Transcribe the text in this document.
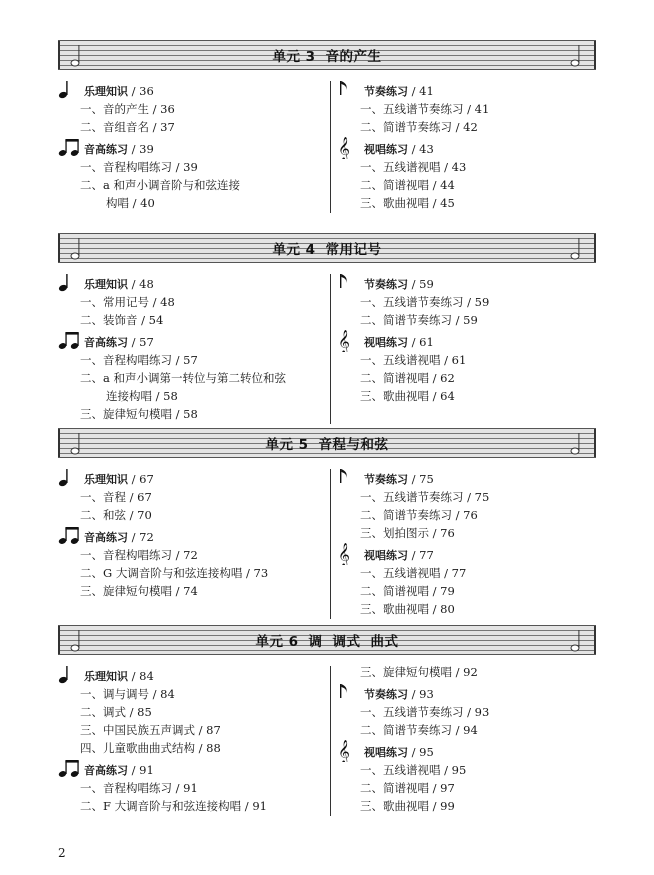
单元 3 音的产生
乐理知识 / 36
一、音的产生 / 36
二、音组音名 / 37
音高练习 / 39
一、音程构唱练习 / 39
二、a 和声小调音阶与和弦连接
构唱 / 40
节奏练习 / 41
一、五线谱节奏练习 / 41
二、简谱节奏练习 / 42
𝄞 视唱练习 / 43
一、五线谱视唱 / 43
二、简谱视唱 / 44
三、歌曲视唱 / 45
单元 4 常用记号
乐理知识 / 48
一、常用记号 / 48
二、装饰音 / 54
音高练习 / 57
一、音程构唱练习 / 57
二、a 和声小调第一转位与第二转位和弦
连接构唱 / 58
三、旋律短句模唱 / 58
节奏练习 / 59
一、五线谱节奏练习 / 59
二、简谱节奏练习 / 59
𝄞 视唱练习 / 61
一、五线谱视唱 / 61
二、简谱视唱 / 62
三、歌曲视唱 / 64
单元 5 音程与和弦
乐理知识 / 67
一、音程 / 67
二、和弦 / 70
音高练习 / 72
一、音程构唱练习 / 72
二、G 大调音阶与和弦连接构唱 / 73
三、旋律短句模唱 / 74
节奏练习 / 75
一、五线谱节奏练习 / 75
二、简谱节奏练习 / 76
三、划拍图示 / 76
𝄞 视唱练习 / 77
一、五线谱视唱 / 77
二、简谱视唱 / 79
三、歌曲视唱 / 80
单元 6 调 调式 曲式
乐理知识 / 84
一、调与调号 / 84
二、调式 / 85
三、中国民族五声调式 / 87
四、儿童歌曲曲式结构 / 88
音高练习 / 91
一、音程构唱练习 / 91
二、F 大调音阶与和弦连接构唱 / 91
三、旋律短句模唱 / 92
节奏练习 / 93
一、五线谱节奏练习 / 93
二、简谱节奏练习 / 94
𝄞 视唱练习 / 95
一、五线谱视唱 / 95
二、简谱视唱 / 97
三、歌曲视唱 / 99
2
